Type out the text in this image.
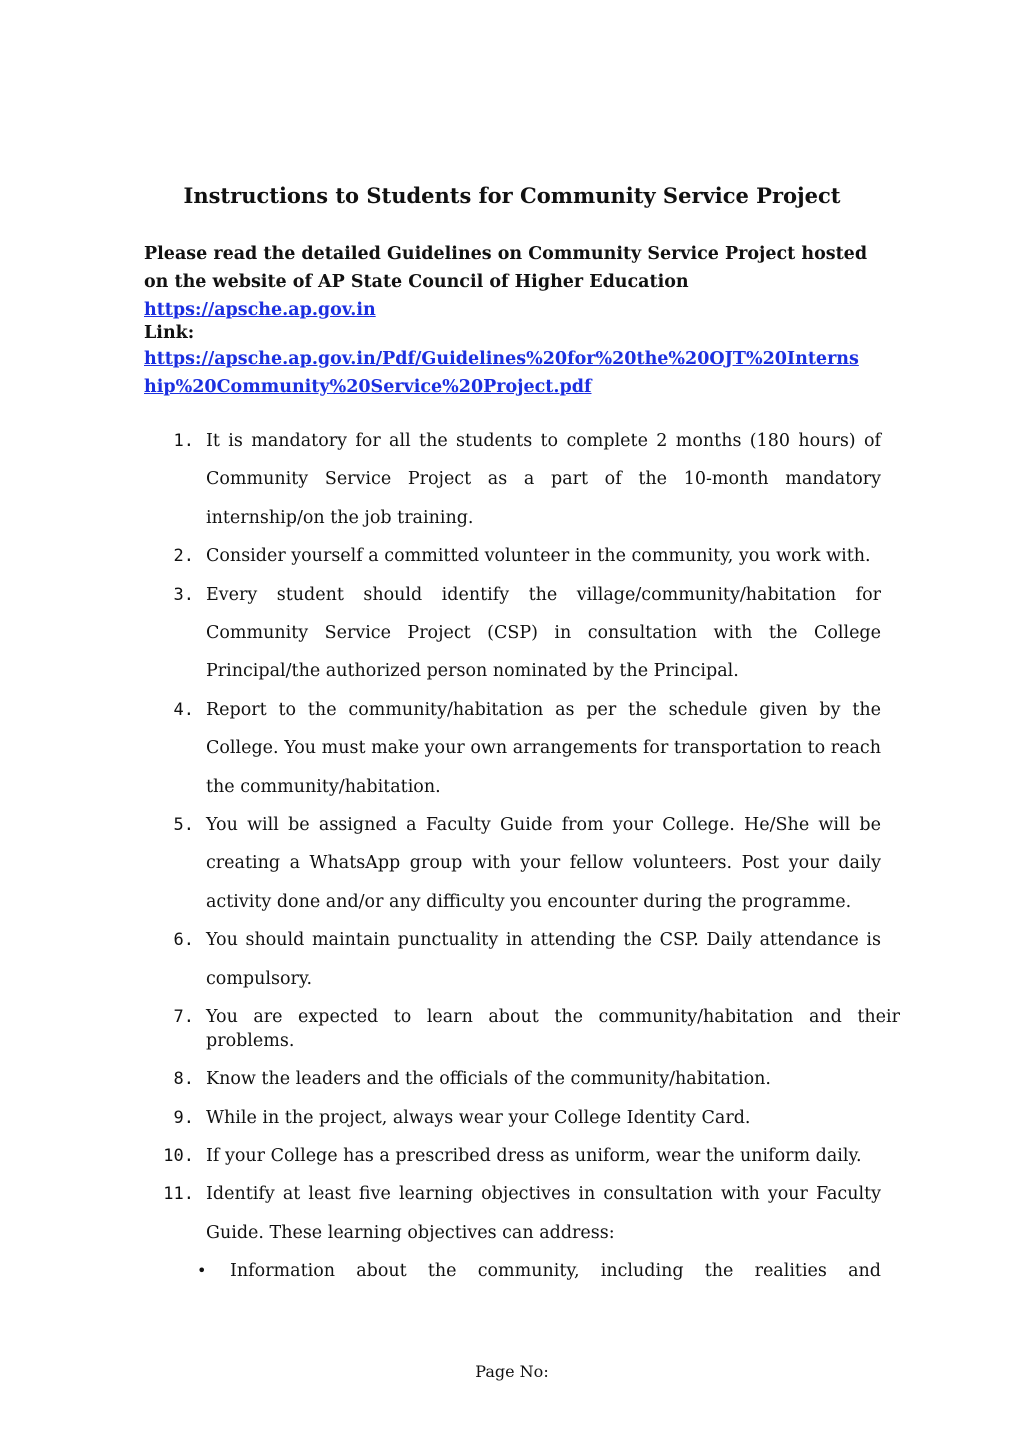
Instructions to Students for Community Service Project

Please read the detailed Guidelines on Community Service Project hosted on the website of AP State Council of Higher Education https://apsche.ap.gov.in

Link:

https://apsche.ap.gov.in/Pdf/Guidelines%20for%20the%20OJT%20Internship%20Community%20Service%20Project.pdf

1. It is mandatory for all the students to complete 2 months (180 hours) of Community Service Project as a part of the 10-month mandatory internship/on the job training.
2. Consider yourself a committed volunteer in the community, you work with.
3. Every student should identify the village/community/habitation for Community Service Project (CSP) in consultation with the College Principal/the authorized person nominated by the Principal.
4. Report to the community/habitation as per the schedule given by the College. You must make your own arrangements for transportation to reach the community/habitation.
5. You will be assigned a Faculty Guide from your College. He/She will be creating a WhatsApp group with your fellow volunteers. Post your daily activity done and/or any difficulty you encounter during the programme.
6. You should maintain punctuality in attending the CSP. Daily attendance is compulsory.
7. You are expected to learn about the community/habitation and their problems.
8. Know the leaders and the officials of the community/habitation.
9. While in the project, always wear your College Identity Card.
10. If your College has a prescribed dress as uniform, wear the uniform daily.
11. Identify at least five learning objectives in consultation with your Faculty Guide. These learning objectives can address:
• Information about the community, including the realities and

Page No:
